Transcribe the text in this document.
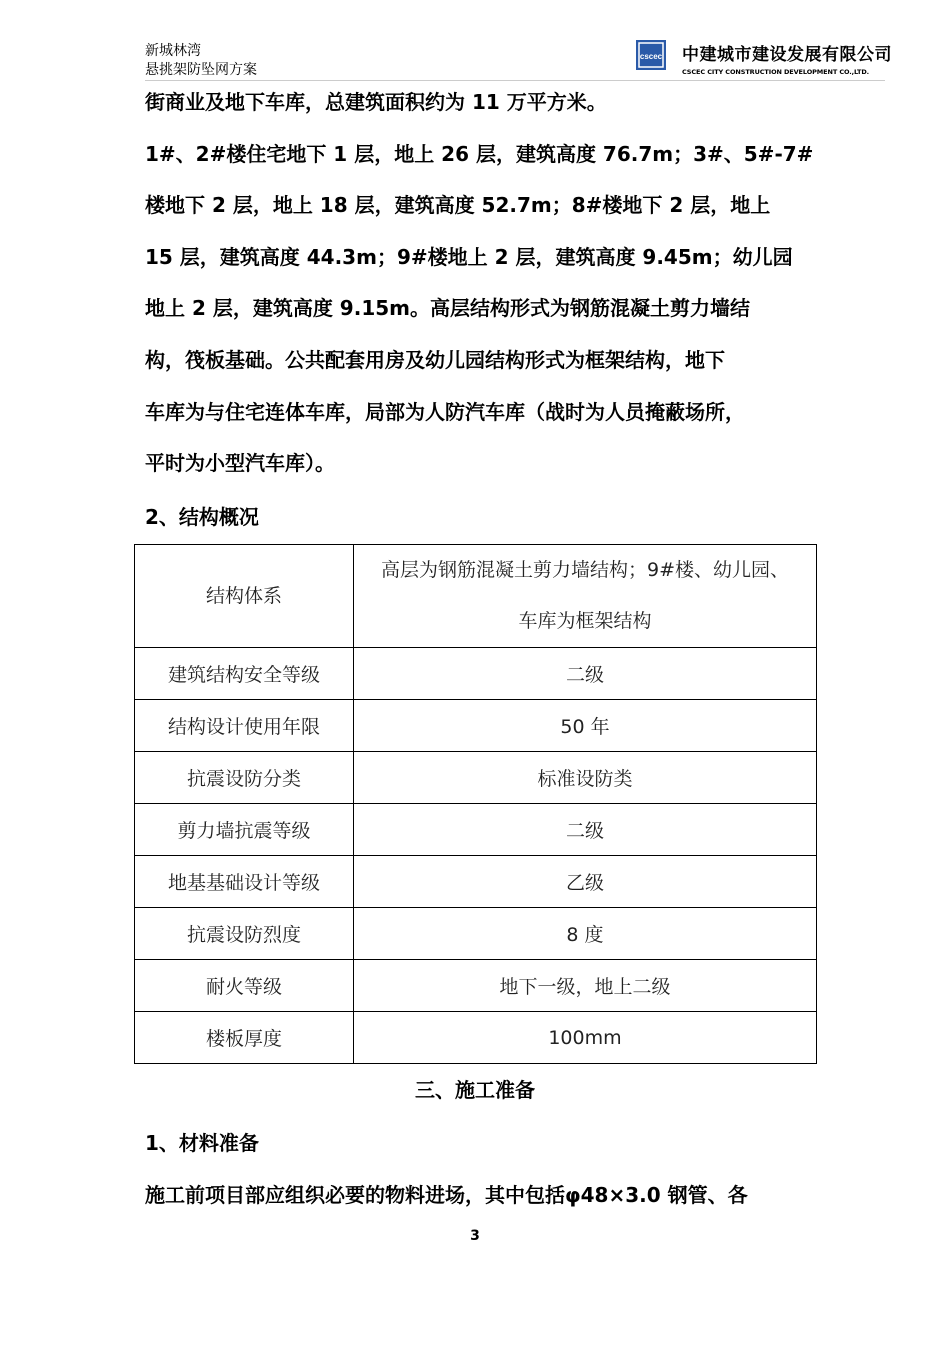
新城林湾
悬挑架防坠网方案
cscec 中建城市建设发展有限公司
CSCEC CITY CONSTRUCTION DEVELOPMENT CO.,LTD.

街商业及地下车库，总建筑面积约为 11 万平方米。

1#、2#楼住宅地下 1 层，地上 26 层，建筑高度 76.7m；3#、5#-7#

楼地下 2 层，地上 18 层，建筑高度 52.7m；8#楼地下 2 层，地上

15 层，建筑高度 44.3m；9#楼地上 2 层，建筑高度 9.45m；幼儿园

地上 2 层，建筑高度 9.15m。高层结构形式为钢筋混凝土剪力墙结

构，筏板基础。公共配套用房及幼儿园结构形式为框架结构，地下

车库为与住宅连体车库，局部为人防汽车库（战时为人员掩蔽场所，

平时为小型汽车库）。

2、结构概况
结构体系	高层为钢筋混凝土剪力墙结构；9#楼、幼儿园、
车库为框架结构

建筑结构安全等级	二级
结构设计使用年限	50 年
抗震设防分类	标准设防类
剪力墙抗震等级	二级
地基基础设计等级	乙级
抗震设防烈度	8 度
耐火等级	地下一级，地上二级
楼板厚度	100mm
三、施工准备
1、材料准备
施工前项目部应组织必要的物料进场，其中包括φ48×3.0 钢管、各
3
